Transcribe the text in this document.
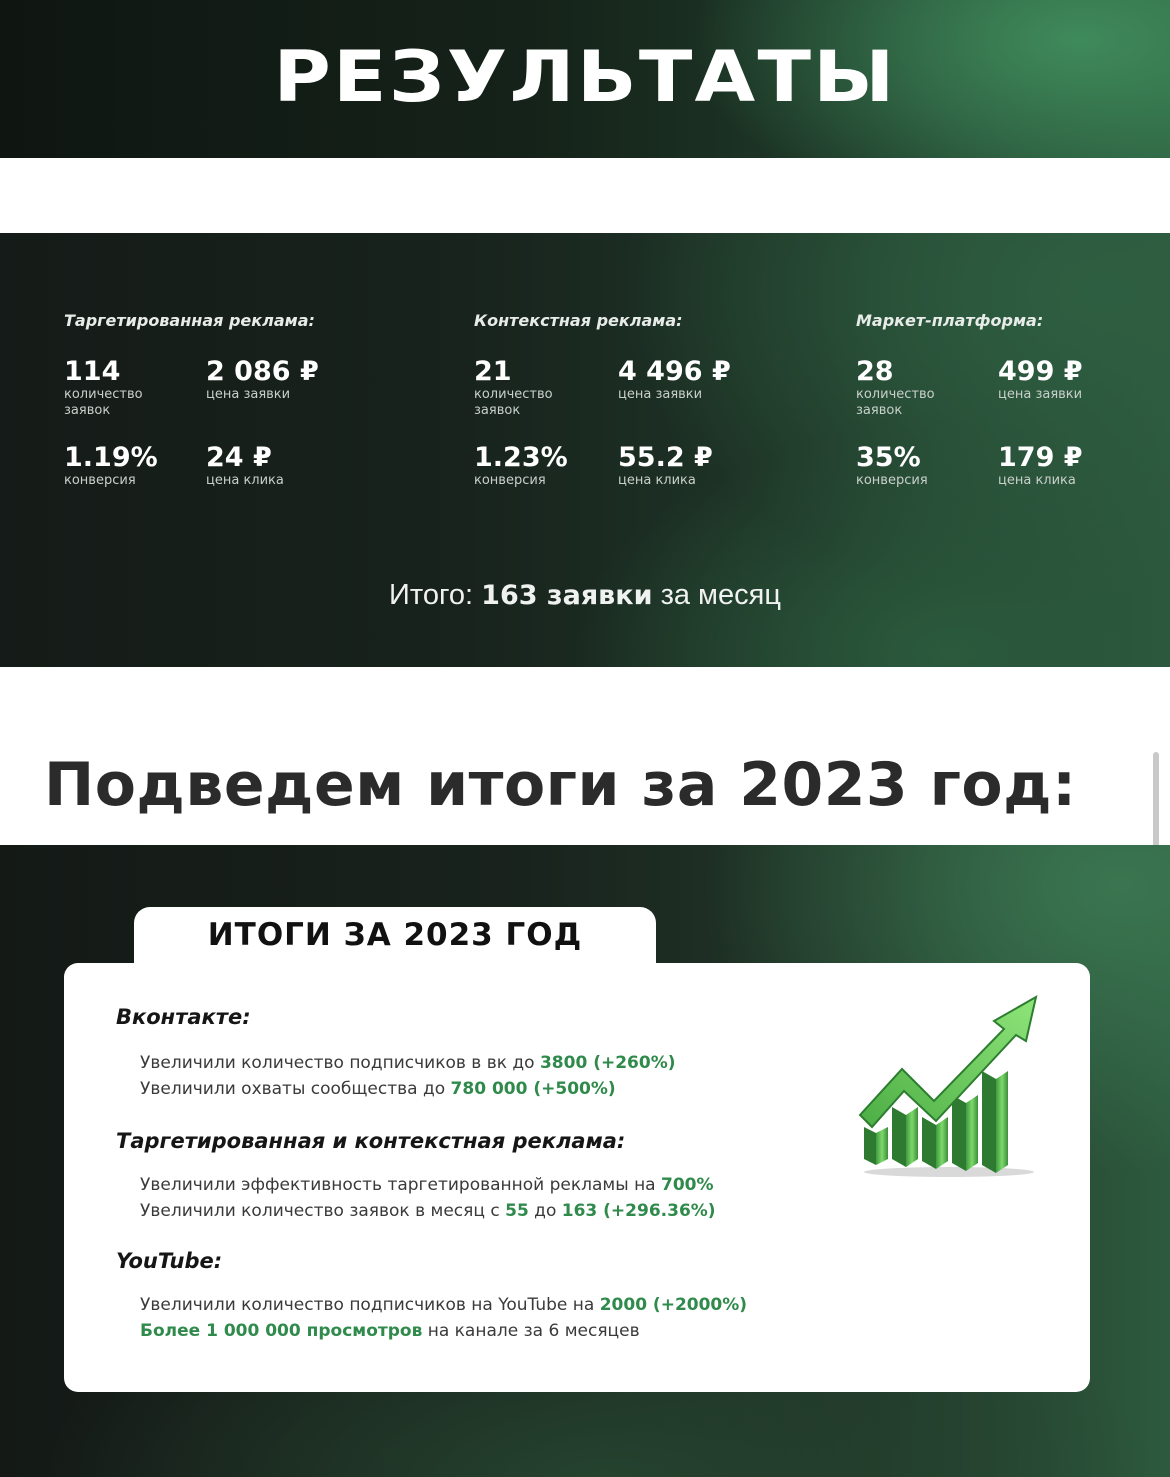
РЕЗУЛЬТАТЫ

Таргетированная реклама:

114
количество заявок
2 086 ₽
цена заявки
1.19%
конверсия
24 ₽
цена клика

Контекстная реклама:

21
количество заявок
4 496 ₽
цена заявки
1.23%
конверсия
55.2 ₽
цена клика

Маркет-платформа:

28
количество заявок
499 ₽
цена заявки
35%
конверсия
179 ₽
цена клика
Итого: 163 заявки за месяц
Подведем итоги за 2023 год:
ИТОГИ ЗА 2023 ГОД

Вконтакте:

Увеличили количество подписчиков в вк до 3800 (+260%)
Увеличили охваты сообщества до 780 000 (+500%)

Таргетированная и контекстная реклама:

Увеличили эффективность таргетированной рекламы на 700%
Увеличили количество заявок в месяц с 55 до 163 (+296.36%)

YouTube:

Увеличили количество подписчиков на YouTube на 2000 (+2000%)
Более 1 000 000 просмотров на канале за 6 месяцев
